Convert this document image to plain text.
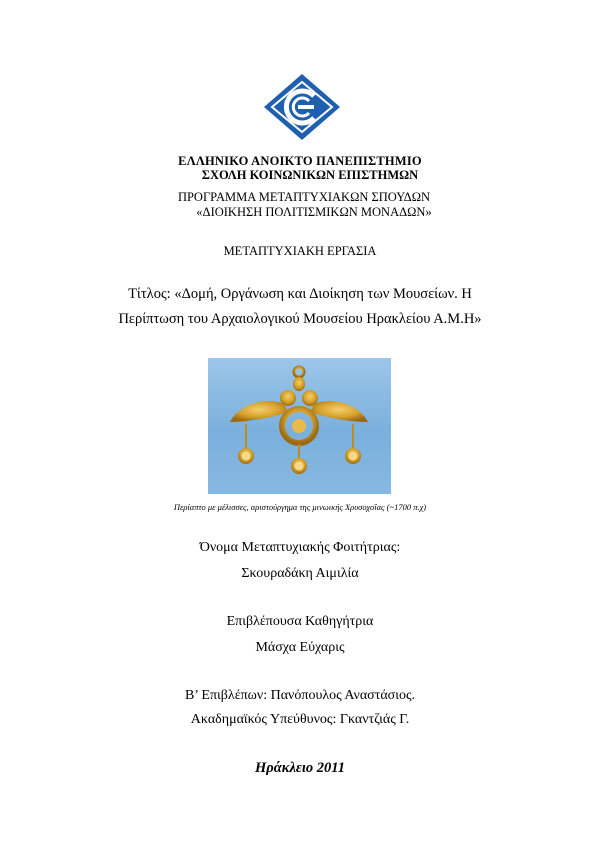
ΕΛΛΗΝΙΚΟ ΑΝΟΙΚΤΟ ΠΑΝΕΠΙΣΤΗΜΙΟ
ΣΧΟΛΗ ΚΟΙΝΩΝΙΚΩΝ ΕΠΙΣΤΗΜΩΝ
ΠΡΟΓΡΑΜΜΑ ΜΕΤΑΠΤΥΧΙΑΚΩΝ ΣΠΟΥΔΩΝ
«ΔΙΟΙΚΗΣΗ ΠΟΛΙΤΙΣΜΙΚΩΝ ΜΟΝΑΔΩΝ»
ΜΕΤΑΠΤΥΧΙΑΚΗ ΕΡΓΑΣΙΑ
Τίτλος: «Δομή, Οργάνωση και Διοίκηση των Μουσείων. Η
Περίπτωση του Αρχαιολογικού Μουσείου Ηρακλείου Α.Μ.Η»
Περίαπτο με μέλισσες, αριστούργημα της μινωικής Χρυσοχοΐας (~1700 π.χ)
Όνομα Μεταπτυχιακής Φοιτήτριας:
Σκουραδάκη Αιμιλία
Επιβλέπουσα Καθηγήτρια
Μάσχα Εύχαρις
Β’ Επιβλέπων: Πανόπουλος Αναστάσιος.
Ακαδημαϊκός Υπεύθυνος: Γκαντζιάς Γ.
Ηράκλειο 2011
